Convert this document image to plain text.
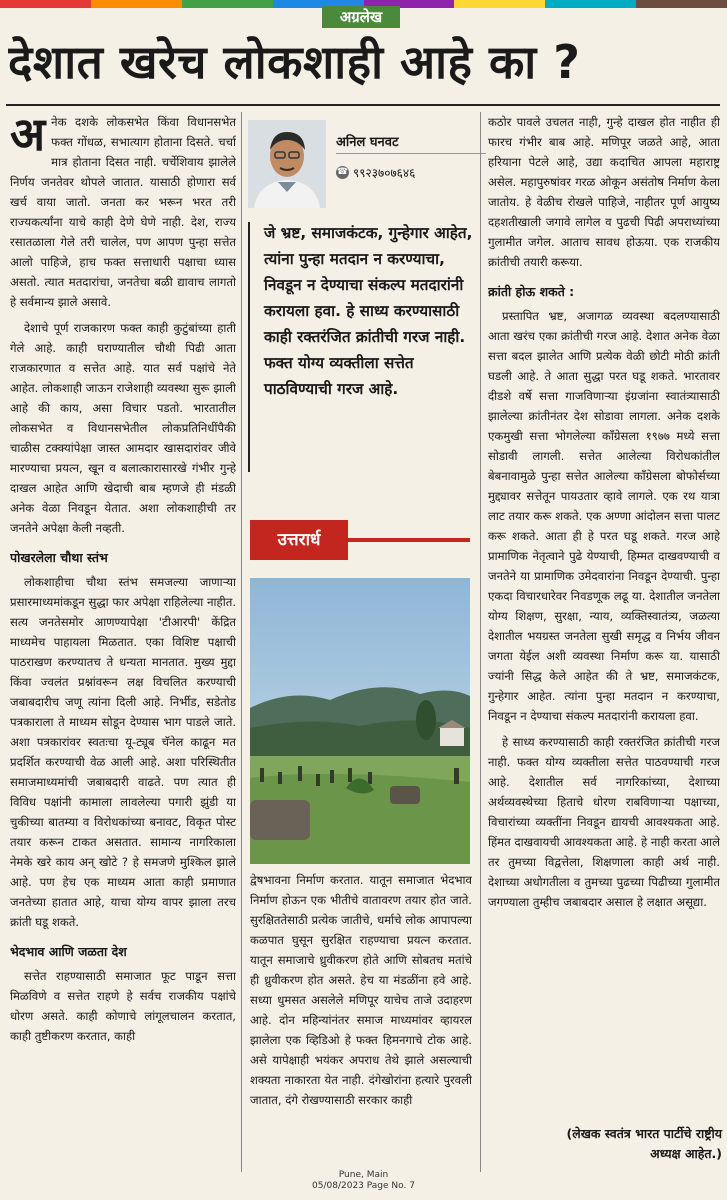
अग्रलेख
देशात खरेच लोकशाही आहे का ?

अनेक दशके लोकसभेत किंवा विधानसभेत फक्त गोंधळ, सभात्याग होताना दिसते. चर्चा मात्र होताना दिसत नाही. चर्चेशिवाय झालेले निर्णय जनतेवर थोपले जातात. यासाठी होणारा सर्व खर्च वाया जातो. जनता कर भरून भरत तरी राज्यकर्त्यांना याचे काही देणे घेणे नाही. देश, राज्य रसातळाला गेले तरी चालेल, पण आपण पुन्हा सत्तेत आलो पाहिजे, हाच फक्त सत्ताधारी पक्षाचा ध्यास असतो. त्यात मतदारांचा, जनतेचा बळी द्यावाच लागतो हे सर्वमान्य झाले असावे.

देशाचे पूर्ण राजकारण फक्त काही कुटुंबांच्या हाती गेले आहे. काही घराण्यातील चौथी पिढी आता राजकारणात व सत्तेत आहे. यात सर्व पक्षांचे नेते आहेत. लोकशाही जाऊन राजेशाही व्यवस्था सुरू झाली आहे की काय, असा विचार पडतो. भारतातील लोकसभेत व विधानसभेतील लोकप्रतिनिधींपैकी चाळीस टक्क्यांपेक्षा जास्त आमदार खासदारांवर जीवे मारण्याचा प्रयत्न, खून व बलात्कारासारखे गंभीर गुन्हे दाखल आहेत आणि खेदाची बाब म्हणजे ही मंडळी अनेक वेळा निवडून येतात. अशा लोकशाहीची तर जनतेने अपेक्षा केली नव्हती.

पोखरलेला चौथा स्तंभ

लोकशाहीचा चौथा स्तंभ समजल्या जाणाऱ्या प्रसारमाध्यमांकडून सुद्धा फार अपेक्षा राहिलेल्या नाहीत. सत्य जनतेसमोर आणण्यापेक्षा 'टीआरपी' केंद्रित माध्यमेच पाहायला मिळतात. एका विशिष्ट पक्षाची पाठराखण करण्यातच ते धन्यता मानतात. मुख्य मुद्दा किंवा ज्वलंत प्रश्नांवरून लक्ष विचलित करण्याची जबाबदारीच जणू त्यांना दिली आहे. निर्भीड, सडेतोड पत्रकाराला ते माध्यम सोडून देण्यास भाग पाडले जाते. अशा पत्रकारांवर स्वतःचा यू-ट्यूब चॅनेल काढून मत प्रदर्शित करण्याची वेळ आली आहे. अशा परिस्थितीत समाजमाध्यमांची जबाबदारी वाढते. पण त्यात ही विविध पक्षांनी कामाला लावलेल्या पगारी झुंडी या चुकीच्या बातम्या व विरोधकांच्या बनावट, विकृत पोस्ट तयार करून टाकत असतात. सामान्य नागरिकाला नेमके खरे काय अन् खोटे ? हे समजणे मुश्किल झाले आहे. पण हेच एक माध्यम आता काही प्रमाणात जनतेच्या हातात आहे, याचा योग्य वापर झाला तरच क्रांती घडू शकते.

भेदभाव आणि जळता देश

सत्तेत राहण्यासाठी समाजात फूट पाडून सत्ता मिळविणे व सत्तेत राहणे हे सर्वच राजकीय पक्षांचे धोरण असते. काही कोणाचे लांगूलचालन करतात, काही तुष्टीकरण करतात, काही

अनिल घनवट
☎ ९९२३७०७६४६
जे भ्रष्ट, समाजकंटक, गुन्हेगार आहेत, त्यांना पुन्हा मतदान न करण्याचा, निवडून न देण्याचा संकल्प मतदारांनी करायला हवा. हे साध्य करण्यासाठी काही रक्तरंजित क्रांतीची गरज नाही. फक्त योग्य व्यक्तीला सत्तेत पाठविण्याची गरज आहे.
उत्तरार्ध
द्वेषभावना निर्माण करतात. यातून समाजात भेदभाव निर्माण होऊन एक भीतीचे वातावरण तयार होत जाते. सुरक्षिततेसाठी प्रत्येक जातीचे, धर्माचे लोक आपापल्या कळपात घुसून सुरक्षित राहण्याचा प्रयत्न करतात. यातून समाजाचे ध्रुवीकरण होते आणि सोबतच मतांचे ही ध्रुवीकरण होत असते. हेच या मंडळींना हवे आहे. सध्या धुमसत असलेले मणिपूर याचेच ताजे उदाहरण आहे. दोन महिन्यांनंतर समाज माध्यमांवर व्हायरल झालेला एक व्हिडिओ हे फक्त हिमनगाचे टोक आहे. असे यापेक्षाही भयंकर अपराध तेथे झाले असल्याची शक्यता नाकारता येत नाही. दंगेखोरांना हत्यारे पुरवली जातात, दंगे रोखण्यासाठी सरकार काही

कठोर पावले उचलत नाही, गुन्हे दाखल होत नाहीत ही फारच गंभीर बाब आहे. मणिपूर जळते आहे, आता हरियाना पेटले आहे, उद्या कदाचित आपला महाराष्ट्र असेल. महापुरुषांवर गरळ ओकून असंतोष निर्माण केला जातोय. हे वेळीच रोखले पाहिजे, नाहीतर पूर्ण आयुष्य दहशतीखाली जगावे लागेल व पुढची पिढी अपराध्यांच्या गुलामीत जगेल. आताच सावध होऊया. एक राजकीय क्रांतीची तयारी करूया.

क्रांती होऊ शकते :

प्रस्तापित भ्रष्ट, अजागळ व्यवस्था बदलण्यासाठी आता खरंच एका क्रांतीची गरज आहे. देशात अनेक वेळा सत्ता बदल झालेत आणि प्रत्येक वेळी छोटी मोठी क्रांती घडली आहे. ते आता सुद्धा परत घडू शकते. भारतावर दीडशे वर्षे सत्ता गाजविणाऱ्या इंग्रजांना स्वातंत्र्यासाठी झालेल्या क्रांतीनंतर देश सोडावा लागला. अनेक दशके एकमुखी सत्ता भोगलेल्या काँग्रेसला १९७७ मध्ये सत्ता सोडावी लागली. सत्तेत आलेल्या विरोधकांतील बेबनावामुळे पुन्हा सत्तेत आलेल्या काँग्रेसला बोफोर्सच्या मुद्द्यावर सत्तेतून पायउतार व्हावे लागले. एक रथ यात्रा लाट तयार करू शकते. एक अण्णा आंदोलन सत्ता पालट करू शकते. आता ही हे परत घडू शकते. गरज आहे प्रामाणिक नेतृत्वाने पुढे येण्याची, हिम्मत दाखवण्याची व जनतेने या प्रामाणिक उमेदवारांना निवडून देण्याची. पुन्हा एकदा विचारधारेवर निवडणूक लढू या. देशातील जनतेला योग्य शिक्षण, सुरक्षा, न्याय, व्यक्तिस्वातंत्र्य, जळत्या देशातील भयग्रस्त जनतेला सुखी समृद्ध व निर्भय जीवन जगता येईल अशी व्यवस्था निर्माण करू या. यासाठी ज्यांनी सिद्ध केले आहेत की ते भ्रष्ट, समाजकंटक, गुन्हेगार आहेत. त्यांना पुन्हा मतदान न करण्याचा, निवडून न देण्याचा संकल्प मतदारांनी करायला हवा.

हे साध्य करण्यासाठी काही रक्तरंजित क्रांतीची गरज नाही. फक्त योग्य व्यक्तीला सत्तेत पाठवण्याची गरज आहे. देशातील सर्व नागरिकांच्या, देशाच्या अर्थव्यवस्थेच्या हिताचे धोरण राबविणाऱ्या पक्षाच्या, विचारांच्या व्यक्तींना निवडून द्यायची आवश्यकता आहे. हिंमत दाखवायची आवश्यकता आहे. हे नाही करता आले तर तुमच्या विद्वत्तेला, शिक्षणाला काही अर्थ नाही. देशाच्या अधोगतीला व तुमच्या पुढच्या पिढीच्या गुलामीत जगण्याला तुम्हीच जबाबदार असाल हे लक्षात असूद्या.

(लेखक स्वतंत्र भारत पार्टीचे राष्ट्रीय अध्यक्ष आहेत.)
Pune, Main
05/08/2023 Page No. 7
